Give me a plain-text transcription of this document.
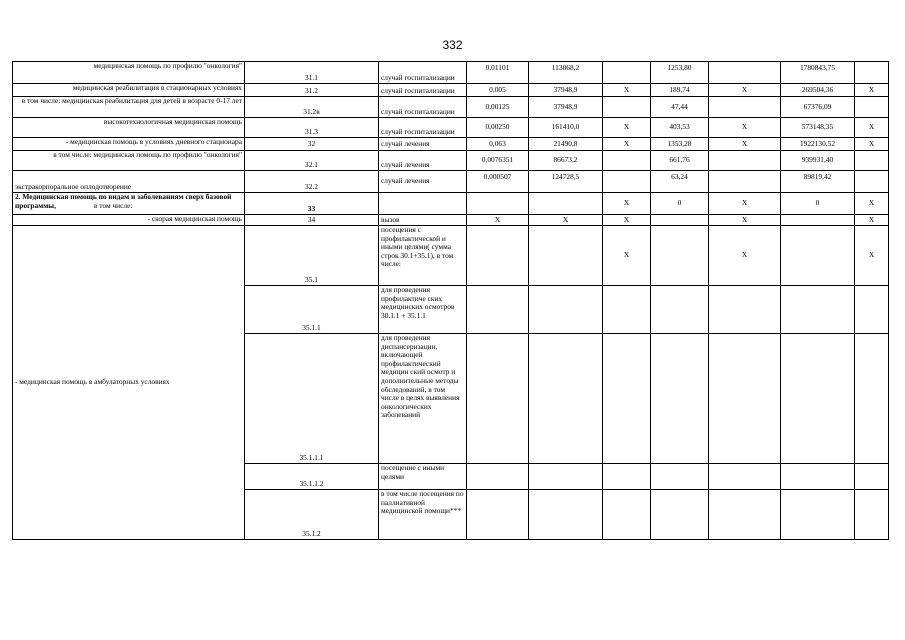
332
медицинская помощь по профилю "онкология"	31.1	случай госпитализации	0,01101	113868,2		1253,80		1780843,75	
медицинская реабилитация в стационарных условиях	31.2	случай госпитализации	0,005	37948,9	X	189,74	X	269504,36	X
в том числе: медицинская реабилитация для детей в возрасте 0-17 лет	31.2в	случай госпитализации	0,00125	37948,9		47,44		67376,09	
высокотехнологичная медицинская помощь	31.3	случай госпитализации	0,00250	161410,0	X	403,53	X	573148,35	X
- медицинская помощь в условиях дневного стационара	32	случай лечения	0,063	21490,8	X	1353,28	X	1922130,52	X
в том числе: медицинская помощь по профилю "онкология"	32.1	случай лечения	0,0076351	86673,2		661,76		939931,40	
экстракорпоральное оплодотворение	32.2	случай лечения	0,000507	124728,5		63,24		89819,42	
2. Медицинская помощь по видам и заболеваниям сверх базовой программы, в том числе:	33				X	0	X	0	X
- скорая медицинская помощь	34	вызов	X	X	X		X		X
- медицинская помощь в амбулаторных условиях	35.1	посещения с профилактической и иными целями( сумма строк 30.1+35.1), в том числе:			X		X		X
	35.1.1	для проведения профилактиче ских медицинских осмотров 30.1.1 + 35.1.1							
	35.1.1.1	для проведения диспансеризации, включающей профилактический медицин ский осмотр и дополнительные методы обследований, в том числе в целях выявления онкологических заболеваний							
	35.1.1.2	посещение с иными целями							
	35.1.2	в том числе посещения по паллиативной медицинской помощи***							
